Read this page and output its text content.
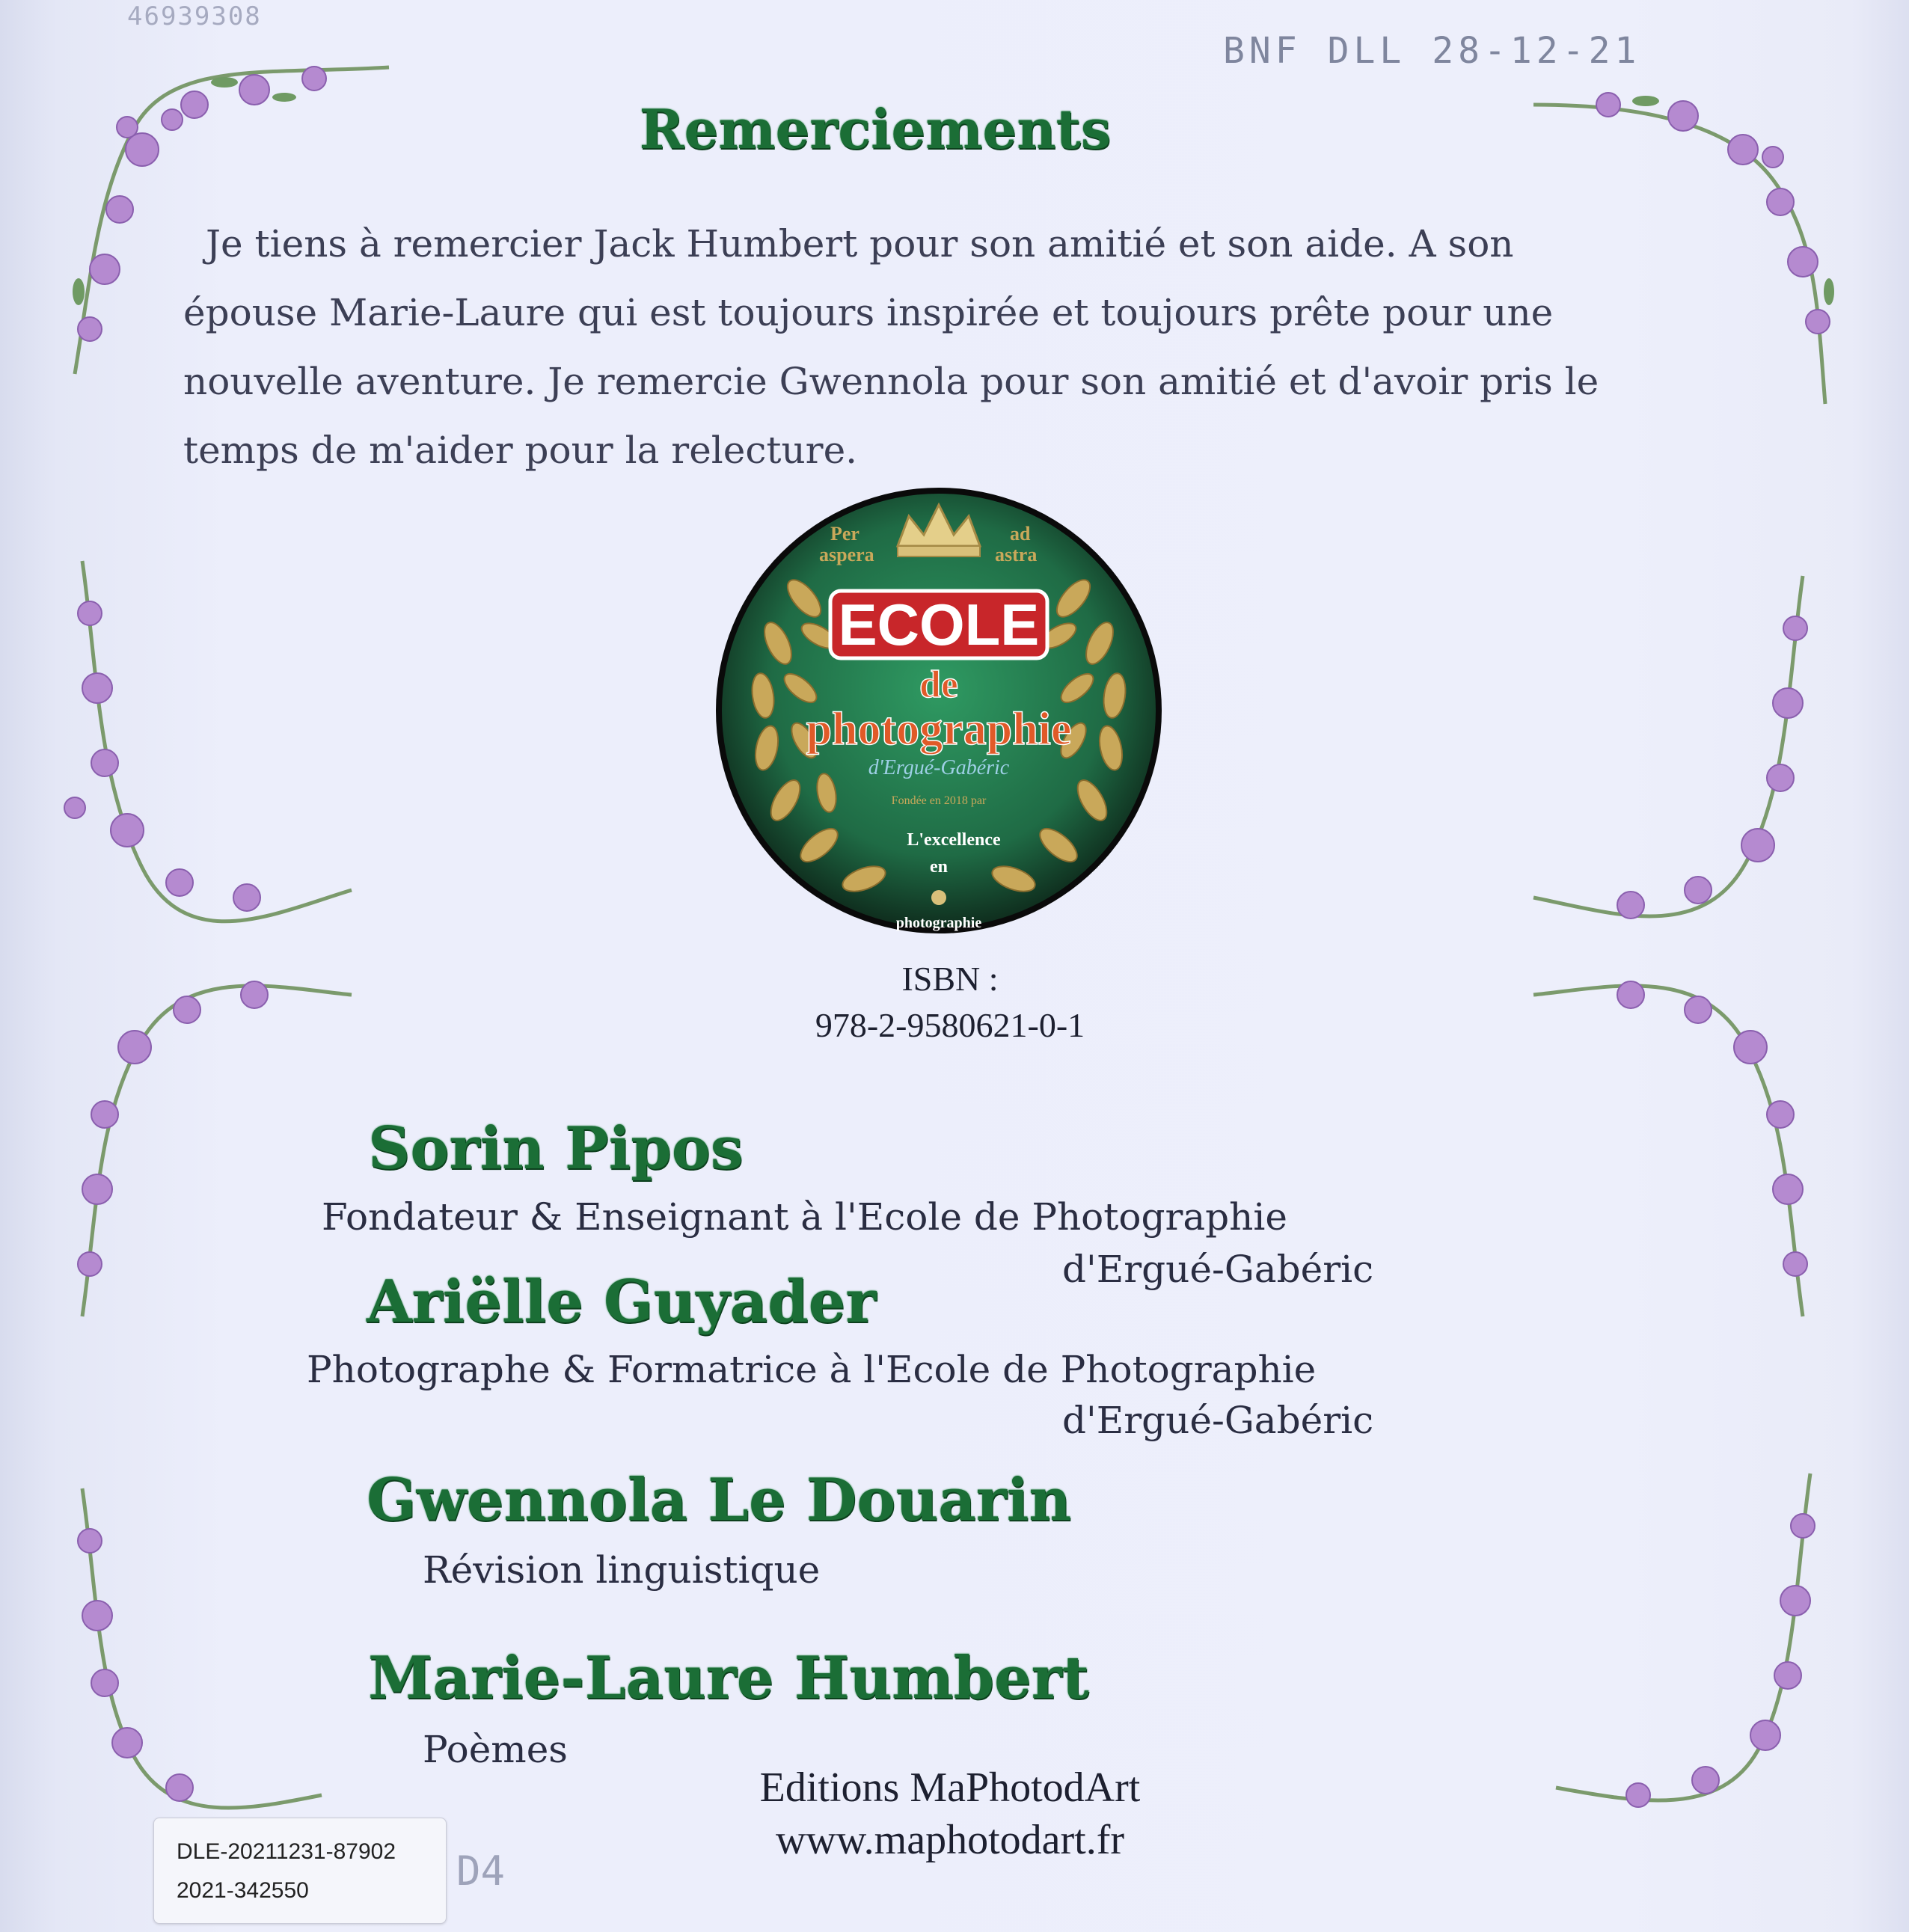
46939308
BNF DLL 28-12-21
Remerciements
Je tiens à remercier Jack Humbert pour son amitié et son aide. A son épouse Marie-Laure qui est toujours inspirée et toujours prête pour une nouvelle aventure. Je remercie Gwennola pour son amitié et d'avoir pris le temps de m'aider pour la relecture.
Per
aspera
ad
astra
ECOLE
de
photographie
d'Ergué-Gabéric
Fondée en 2018 par
L'excellence
en
photographie
ISBN :
978-2-9580621-0-1
Sorin Pipos
Fondateur & Enseignant à l'Ecole de Photographie
d'Ergué-Gabéric
Ariëlle Guyader
Photographe & Formatrice à l'Ecole de Photographie
d'Ergué-Gabéric
Gwennola Le Douarin
Révision linguistique
Marie-Laure Humbert
Poèmes
Editions MaPhotodArt
www.maphotodart.fr
DLE-20211231-87902
2021-342550	D4
